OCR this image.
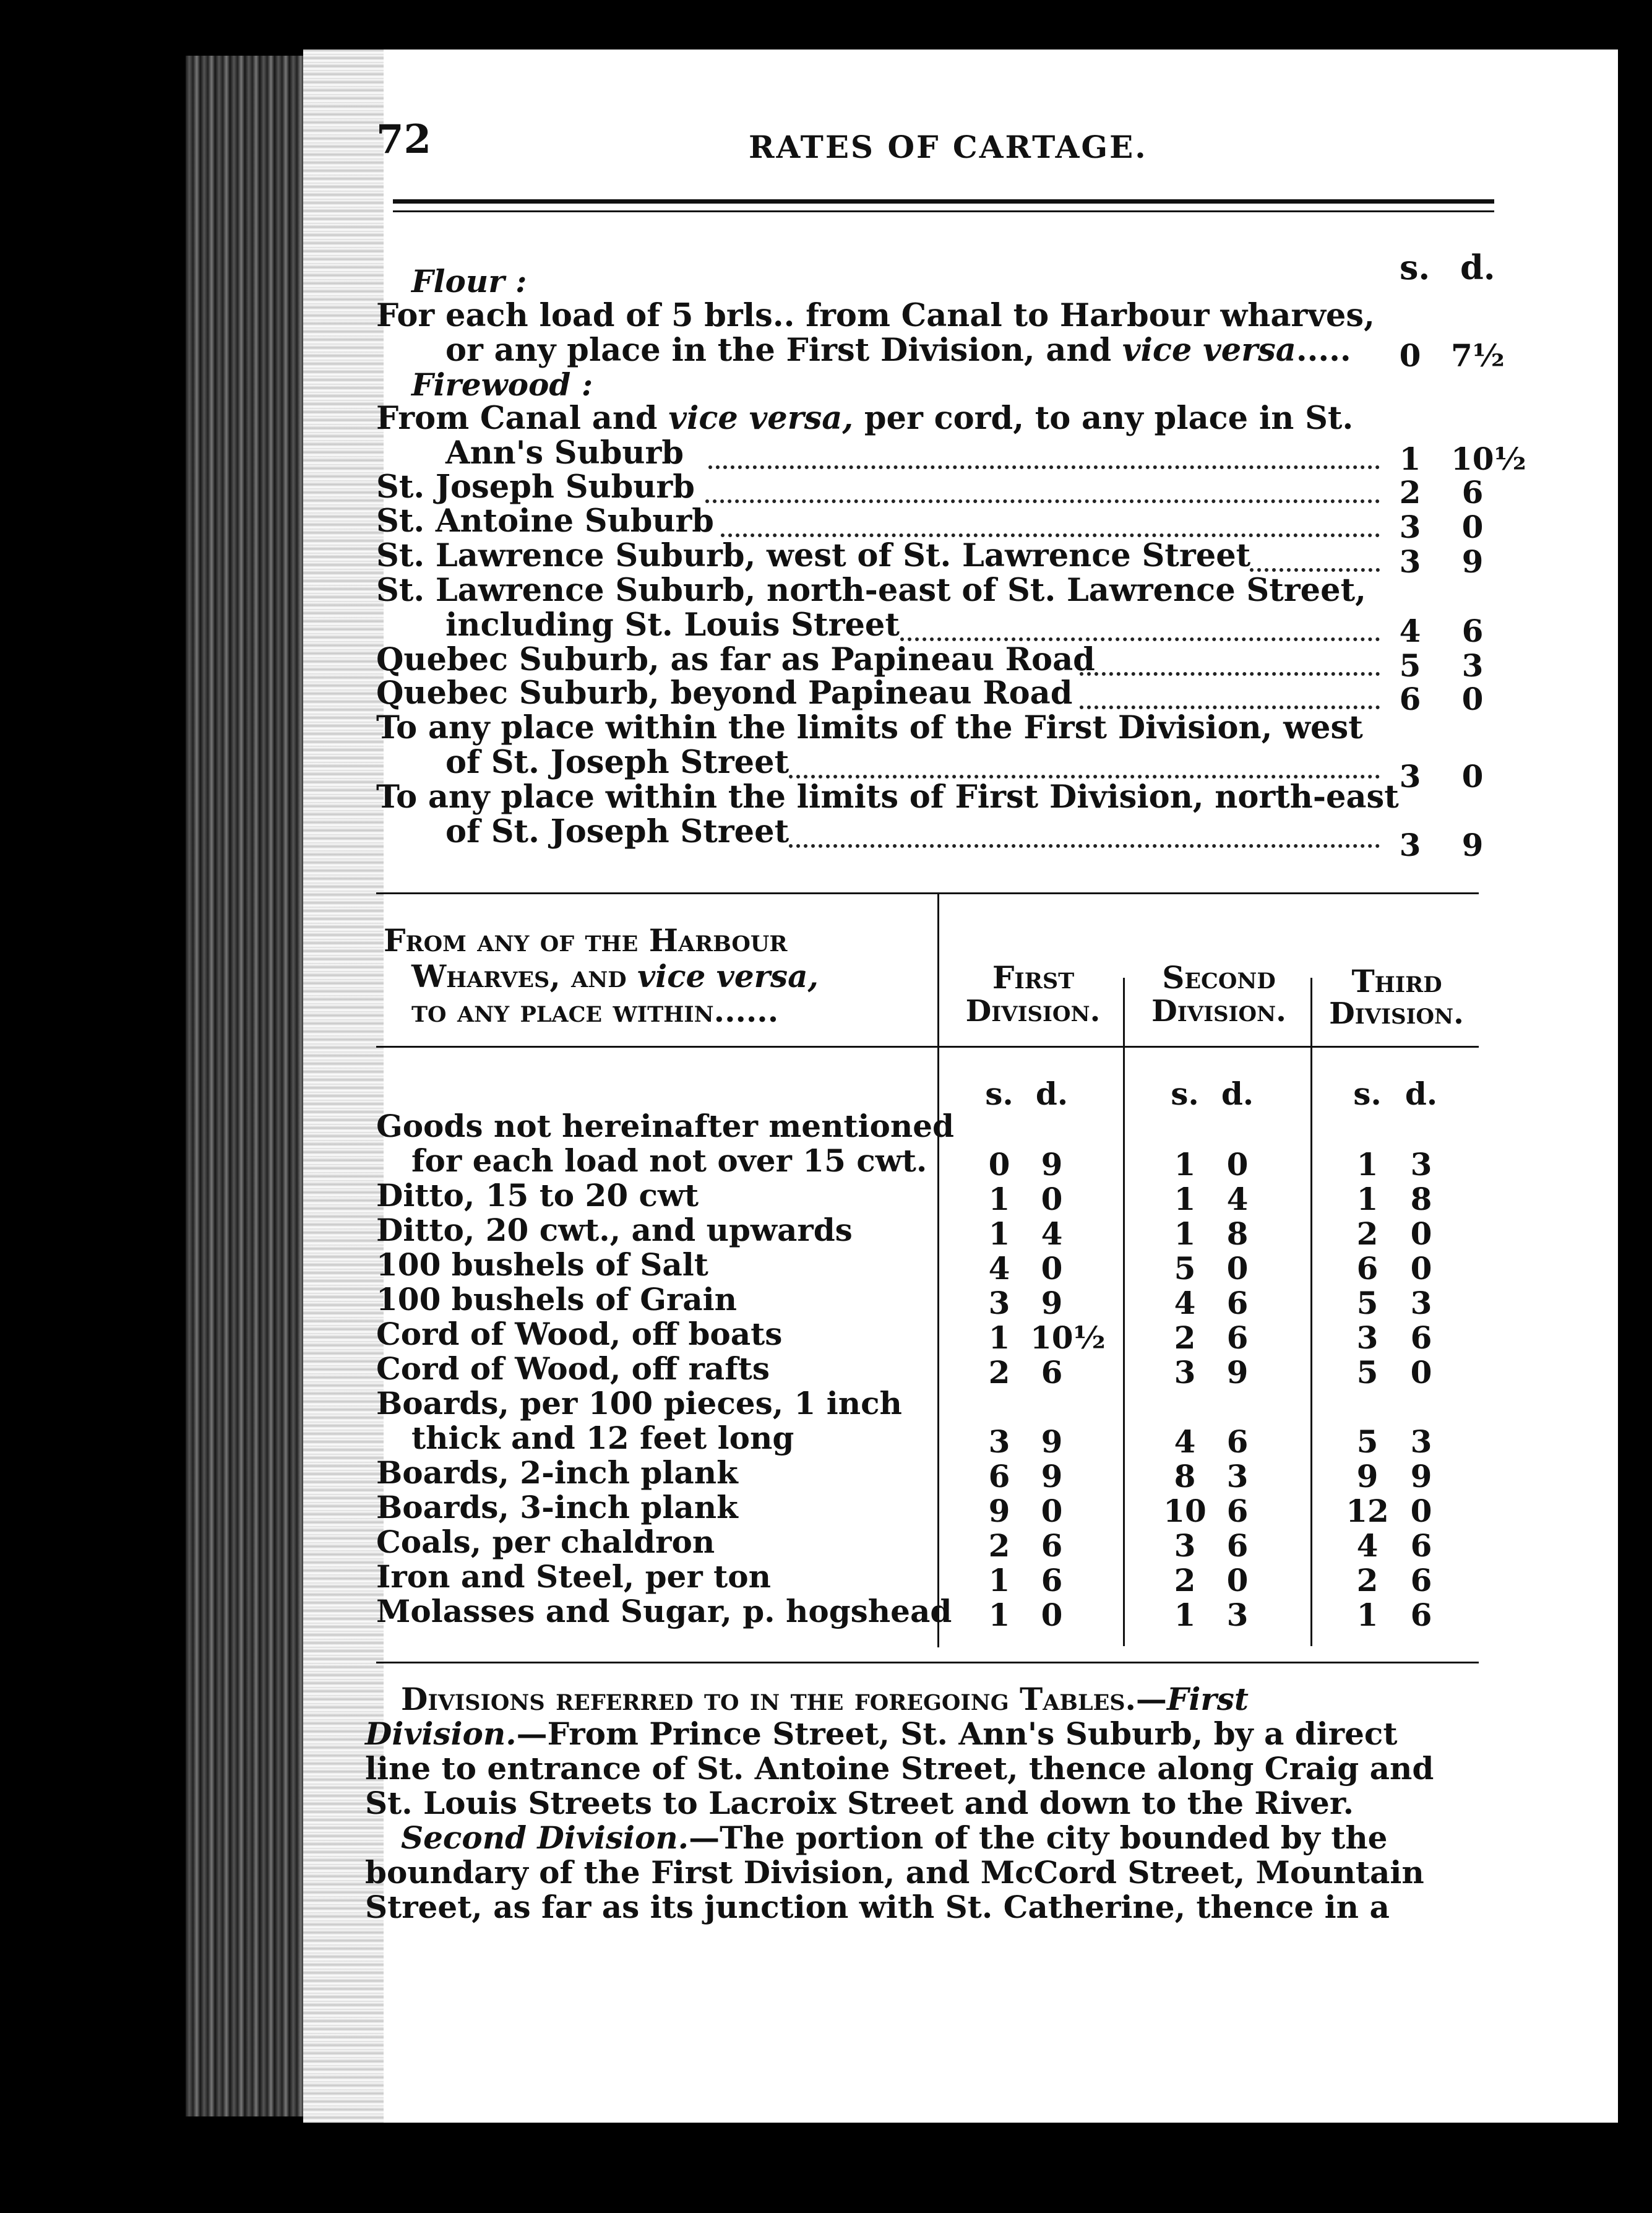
72	RATES OF CARTAGE.
s. d.
Flour :
For each load of 5 brls.. from Canal to Harbour wharves,
or any place in the First Division, and vice versa.....	0 7½
Firewood :
From Canal and vice versa, per cord, to any place in St.
Ann's Suburb	1 10½
St. Joseph Suburb	2	6
St. Antoine Suburb	3	0
St. Lawrence Suburb, west of St. Lawrence Street	3	9
St. Lawrence Suburb, north-east of St. Lawrence Street,
including St. Louis Street	4	6
Quebec Suburb, as far as Papineau Road	5	3
Quebec Suburb, beyond Papineau Road	6	0
To any place within the limits of the First Division, west
of St. Joseph Street	3	0
To any place within the limits of First Division, north-east
of St. Joseph Street	3	9
From any of the Harbour
Wharves, and vice versa,
to any place within......
First
Division.
Second
Division.
Third
Division.
s. d.	s. d.	s. d.
Goods not hereinafter mentioned
for each load not over 15 cwt.	0	9	1	0	1	3
Ditto, 15 to 20 cwt	1	0	1	4	1	8
Ditto, 20 cwt., and upwards	1	4	1	8	2	0
100 bushels of Salt	4	0	5	0	6	0
100 bushels of Grain	3	9	4	6	5	3
Cord of Wood, off boats	1 10½	2	6	3	6
Cord of Wood, off rafts	2	6	3	9	5	0
Boards, per 100 pieces, 1 inch
thick and 12 feet long	3	9	4	6	5	3
Boards, 2-inch plank	6	9	8	3	9	9
Boards, 3-inch plank	9	0	10 6	12 0
Coals, per chaldron	2	6	3	6	4	6
Iron and Steel, per ton	1	6	2	0	2	6
Molasses and Sugar, p. hogshead	1	0	1	3	1	6
Divisions referred to in the foregoing Tables.—First
Division.—From Prince Street, St. Ann's Suburb, by a direct
line to entrance of St. Antoine Street, thence along Craig and
St. Louis Streets to Lacroix Street and down to the River.
Second Division.—The portion of the city bounded by the
boundary of the First Division, and McCord Street, Mountain
Street, as far as its junction with St. Catherine, thence in a
